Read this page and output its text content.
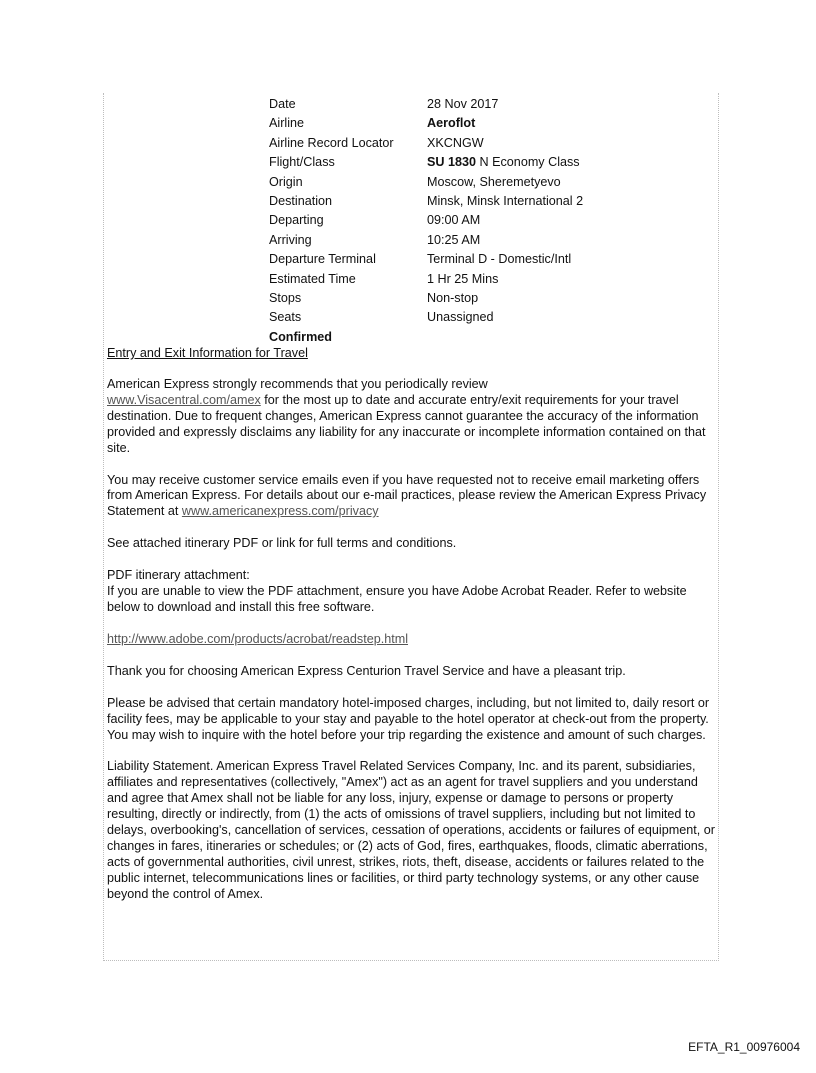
Date	28 Nov 2017
Airline	Aeroflot
Airline Record Locator	XKCNGW
Flight/Class	SU 1830 N Economy Class
Origin	Moscow, Sheremetyevo
Destination	Minsk, Minsk International 2
Departing	09:00 AM
Arriving	10:25 AM
Departure Terminal	Terminal D - Domestic/Intl
Estimated Time	1 Hr 25 Mins
Stops	Non-stop
Seats	Unassigned
Confirmed
Entry and Exit Information for Travel

American Express strongly recommends that you periodically review
www.Visacentral.com/amex for the most up to date and accurate entry/exit requirements for your travel destination. Due to frequent changes, American Express cannot guarantee the accuracy of the information provided and expressly disclaims any liability for any inaccurate or incomplete information contained on that site.

You may receive customer service emails even if you have requested not to receive email marketing offers from American Express. For details about our e-mail practices, please review the American Express Privacy Statement at www.americanexpress.com/privacy

See attached itinerary PDF or link for full terms and conditions.

PDF itinerary attachment:
If you are unable to view the PDF attachment, ensure you have Adobe Acrobat Reader. Refer to website below to download and install this free software.

http://www.adobe.com/products/acrobat/readstep.html

Thank you for choosing American Express Centurion Travel Service and have a pleasant trip.

Please be advised that certain mandatory hotel-imposed charges, including, but not limited to, daily resort or facility fees, may be applicable to your stay and payable to the hotel operator at check-out from the property. You may wish to inquire with the hotel before your trip regarding the existence and amount of such charges.

Liability Statement. American Express Travel Related Services Company, Inc. and its parent, subsidiaries, affiliates and representatives (collectively, "Amex") act as an agent for travel suppliers and you understand and agree that Amex shall not be liable for any loss, injury, expense or damage to persons or property resulting, directly or indirectly, from (1) the acts of omissions of travel suppliers, including but not limited to delays, overbooking's, cancellation of services, cessation of operations, accidents or failures of equipment, or changes in fares, itineraries or schedules; or (2) acts of God, fires, earthquakes, floods, climatic aberrations, acts of governmental authorities, civil unrest, strikes, riots, theft, disease, accidents or failures related to the public internet, telecommunications lines or facilities, or third party technology systems, or any other cause beyond the control of Amex.

EFTA_R1_00976004
